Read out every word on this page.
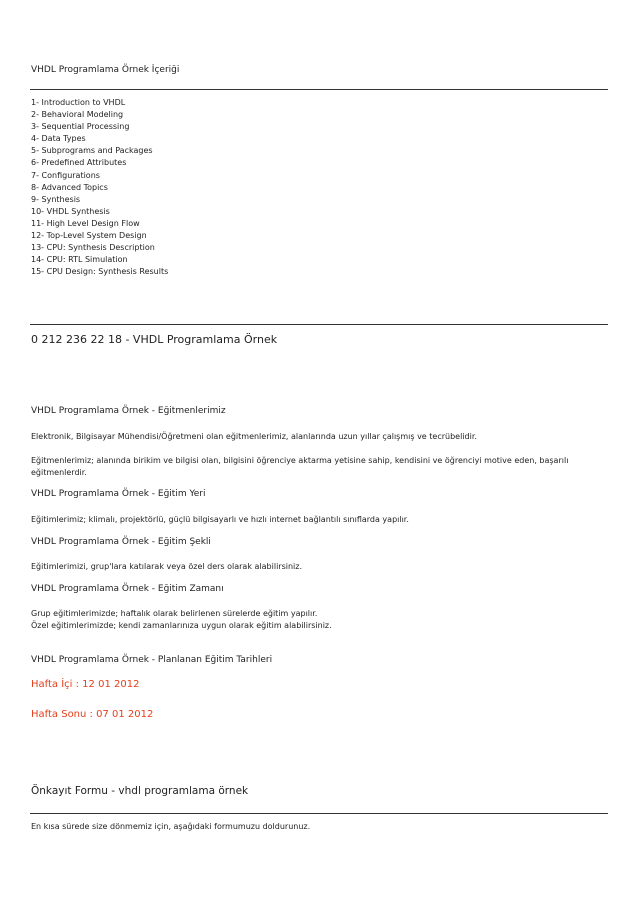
VHDL Programlama Örnek İçeriği
1- Introduction to VHDL
2- Behavioral Modeling
3- Sequential Processing
4- Data Types
5- Subprograms and Packages
6- Predefined Attributes
7- Configurations
8- Advanced Topics
9- Synthesis
10- VHDL Synthesis
11- High Level Design Flow
12- Top-Level System Design
13- CPU: Synthesis Description
14- CPU: RTL Simulation
15- CPU Design: Synthesis Results
0 212 236 22 18 - VHDL Programlama Örnek
VHDL Programlama Örnek - Eğitmenlerimiz
Elektronik, Bilgisayar Mühendisi/Öğretmeni olan eğitmenlerimiz, alanlarında uzun yıllar çalışmış ve tecrübelidir.
Eğitmenlerimiz; alanında birikim ve bilgisi olan, bilgisini öğrenciye aktarma yetisine sahip, kendisini ve öğrenciyi motive eden, başarılı
eğitmenlerdir.
VHDL Programlama Örnek - Eğitim Yeri
Eğitimlerimiz; klimalı, projektörlü, güçlü bilgisayarlı ve hızlı internet bağlantılı sınıflarda yapılır.
VHDL Programlama Örnek - Eğitim Şekli
Eğitimlerimizi, grup'lara katılarak veya özel ders olarak alabilirsiniz.
VHDL Programlama Örnek - Eğitim Zamanı
Grup eğitimlerimizde; haftalık olarak belirlenen sürelerde eğitim yapılır.
Özel eğitimlerimizde; kendi zamanlarınıza uygun olarak eğitim alabilirsiniz.
VHDL Programlama Örnek - Planlanan Eğitim Tarihleri
Hafta İçi : 12 01 2012
Hafta Sonu : 07 01 2012
Önkayıt Formu - vhdl programlama örnek
En kısa sürede size dönmemiz için, aşağıdaki formumuzu doldurunuz.
